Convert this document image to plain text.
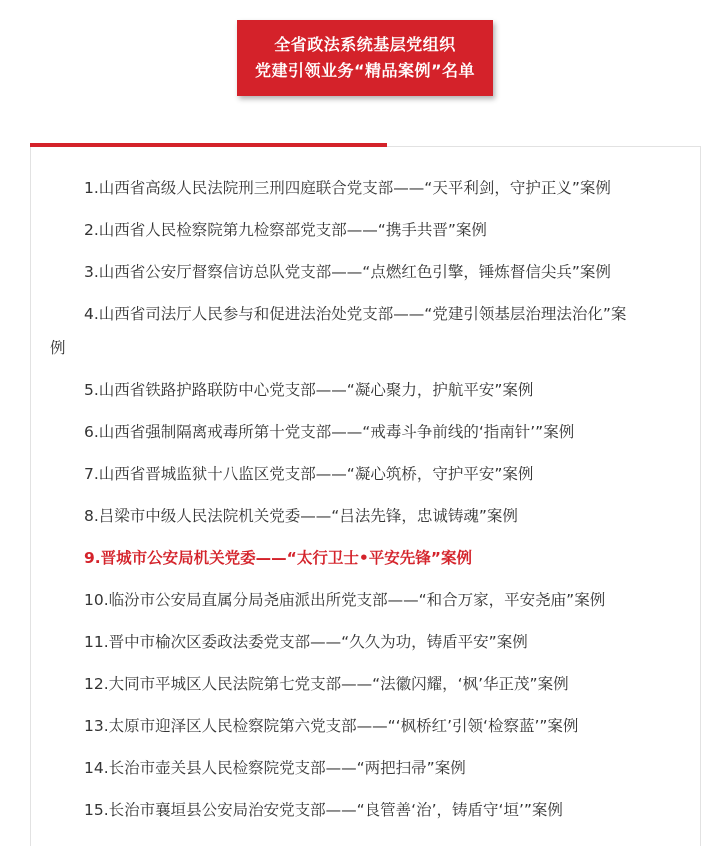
全省政法系统基层党组织
党建引领业务“精品案例”名单
1.山西省高级人民法院刑三刑四庭联合党支部——“天平利剑，守护正义”案例
2.山西省人民检察院第九检察部党支部——“携手共晋”案例
3.山西省公安厅督察信访总队党支部——“点燃红色引擎，锤炼督信尖兵”案例
4.山西省司法厅人民参与和促进法治处党支部——“党建引领基层治理法治化”案
例
5.山西省铁路护路联防中心党支部——“凝心聚力，护航平安”案例
6.山西省强制隔离戒毒所第十党支部——“戒毒斗争前线的‘指南针’”案例
7.山西省晋城监狱十八监区党支部——“凝心筑桥，守护平安”案例
8.吕梁市中级人民法院机关党委——“吕法先锋，忠诚铸魂”案例
9.晋城市公安局机关党委——“太行卫士•平安先锋”案例
10.临汾市公安局直属分局尧庙派出所党支部——“和合万家，平安尧庙”案例
11.晋中市榆次区委政法委党支部——“久久为功，铸盾平安”案例
12.大同市平城区人民法院第七党支部——“法徽闪耀，‘枫’华正茂”案例
13.太原市迎泽区人民检察院第六党支部——“‘枫桥红’引领‘检察蓝’”案例
14.长治市壶关县人民检察院党支部——“两把扫帚”案例
15.长治市襄垣县公安局治安党支部——“良管善‘治’，铸盾守‘垣’”案例
